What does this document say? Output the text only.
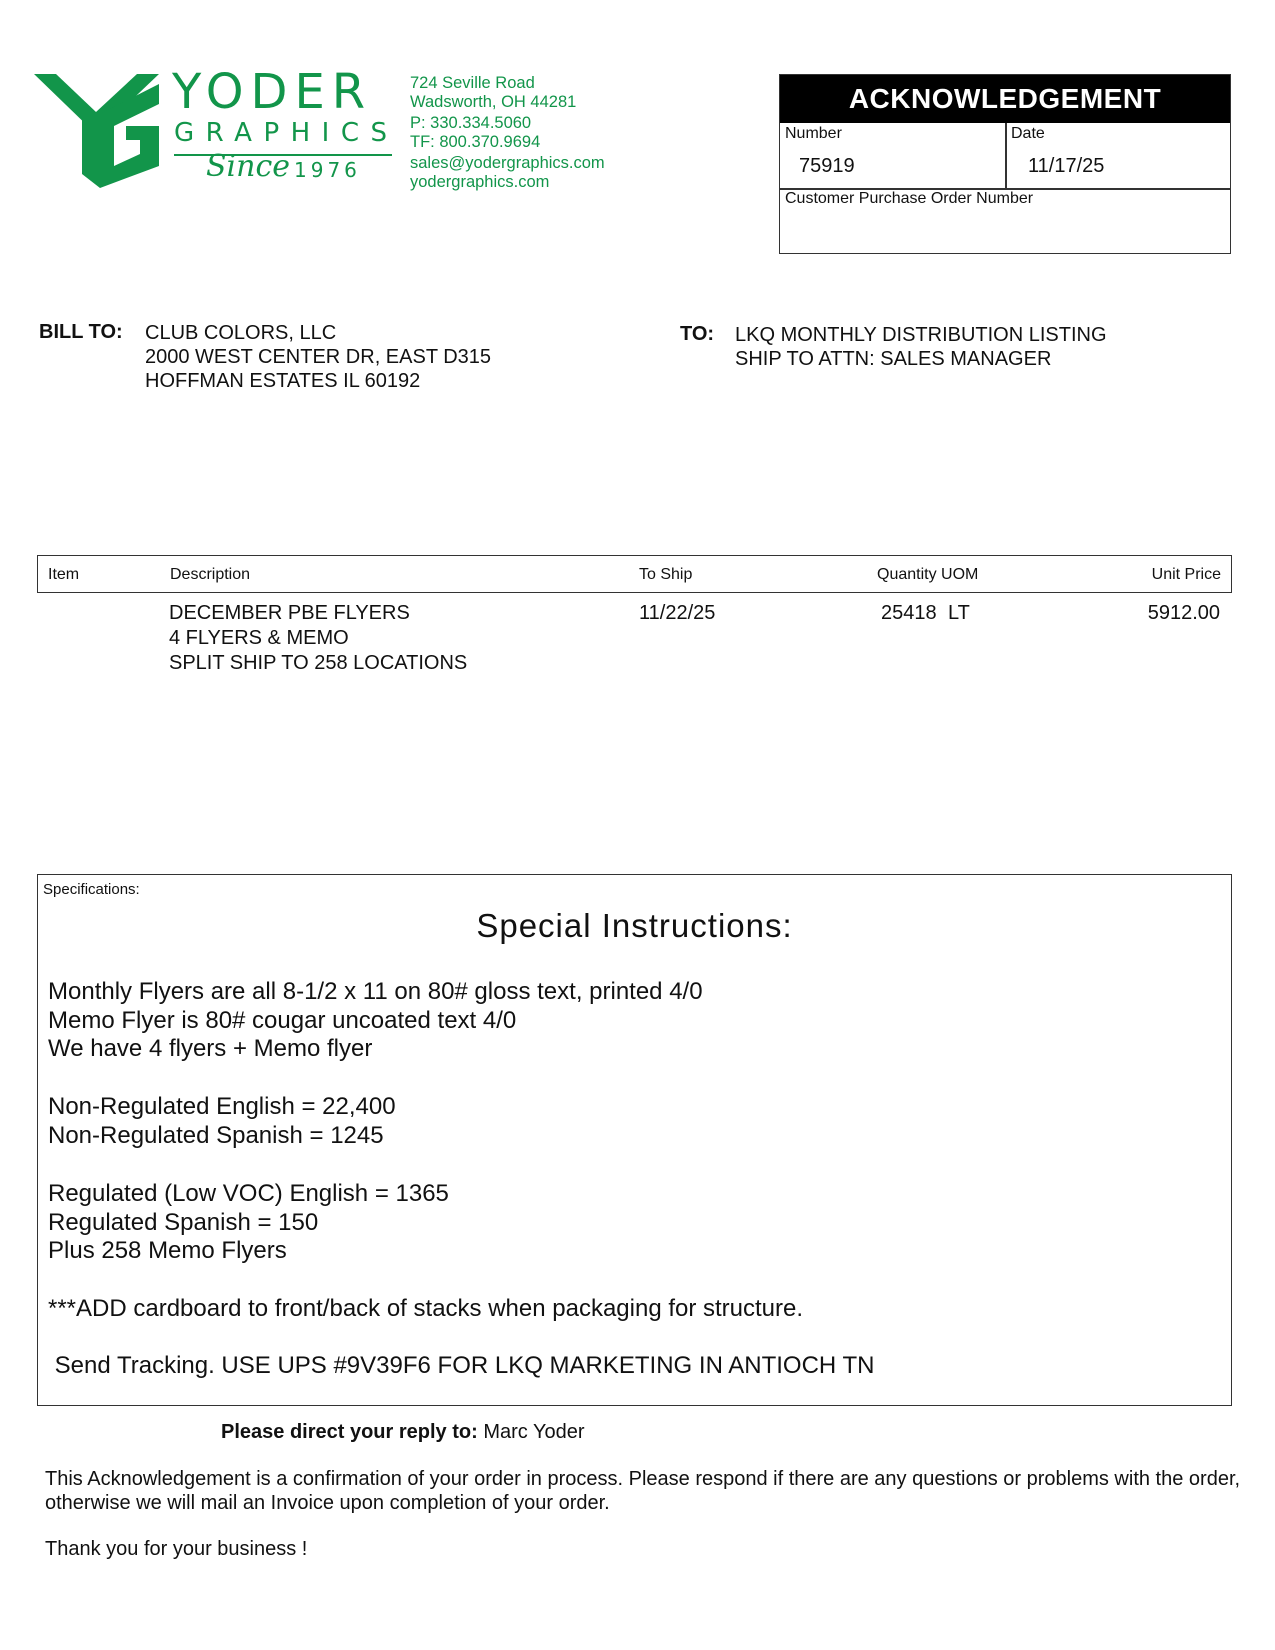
YODER
GRAPHICS
Since 1976
724 Seville Road
Wadsworth, OH 44281
P: 330.334.5060
TF: 800.370.9694
sales@yodergraphics.com
yodergraphics.com
ACKNOWLEDGEMENT
Number
75919
Date
11/17/25
Customer Purchase Order Number
BILL TO: CLUB COLORS, LLC
2000 WEST CENTER DR, EAST D315
HOFFMAN ESTATES IL 60192
TO: LKQ MONTHLY DISTRIBUTION LISTING
SHIP TO ATTN: SALES MANAGER
Item	Description	To Ship	Quantity UOM	Unit Price
DECEMBER PBE FLYERS
4 FLYERS & MEMO
SPLIT SHIP TO 258 LOCATIONS
11/22/25	25418 LT	5912.00
Specifications:
Special Instructions:
Monthly Flyers are all 8-1/2 x 11 on 80# gloss text, printed 4/0
Memo Flyer is 80# cougar uncoated text 4/0
We have 4 flyers + Memo flyer
Non-Regulated English = 22,400
Non-Regulated Spanish = 1245
Regulated (Low VOC) English = 1365
Regulated Spanish = 150
Plus 258 Memo Flyers
***ADD cardboard to front/back of stacks when packaging for structure.
Send Tracking. USE UPS #9V39F6 FOR LKQ MARKETING IN ANTIOCH TN
Please direct your reply to: Marc Yoder
This Acknowledgement is a confirmation of your order in process. Please respond if there are any questions or problems with the order, otherwise we will mail an Invoice upon completion of your order.
Thank you for your business !
